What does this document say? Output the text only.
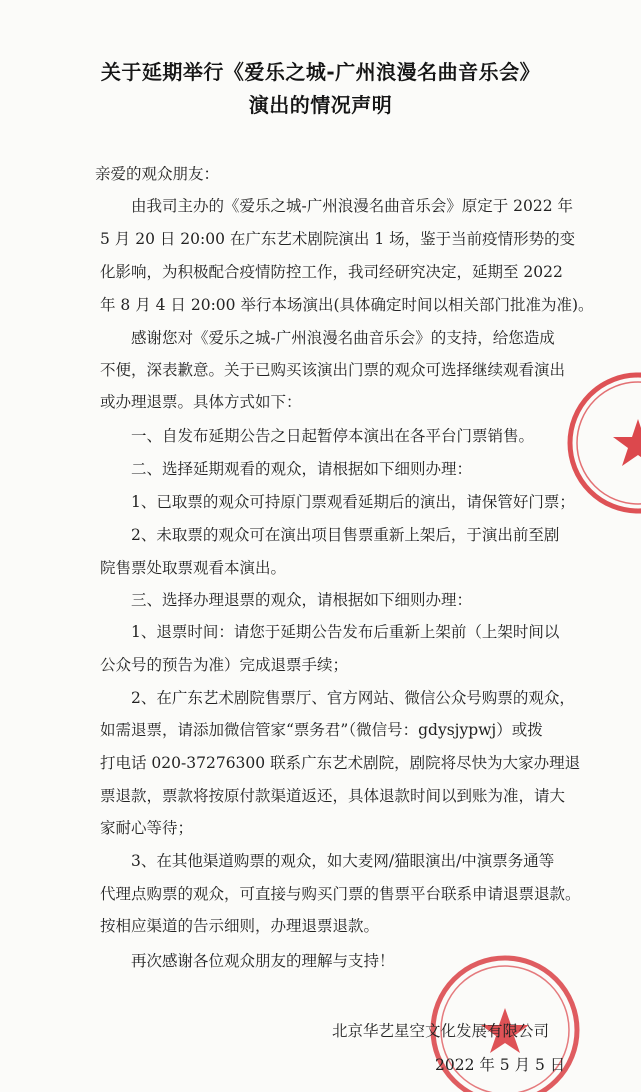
关于延期举行《爱乐之城-广州浪漫名曲音乐会》
演出的情况声明
亲爱的观众朋友：
由我司主办的《爱乐之城-广州浪漫名曲音乐会》原定于 2022 年
5 月 20 日 20:00 在广东艺术剧院演出 1 场，鉴于当前疫情形势的变
化影响，为积极配合疫情防控工作，我司经研究决定，延期至 2022
年 8 月 4 日 20:00 举行本场演出(具体确定时间以相关部门批准为准)。
感谢您对《爱乐之城-广州浪漫名曲音乐会》的支持，给您造成
不便，深表歉意。关于已购买该演出门票的观众可选择继续观看演出
或办理退票。具体方式如下：
一、自发布延期公告之日起暂停本演出在各平台门票销售。
二、选择延期观看的观众，请根据如下细则办理：
1、已取票的观众可持原门票观看延期后的演出，请保管好门票；
2、未取票的观众可在演出项目售票重新上架后，于演出前至剧
院售票处取票观看本演出。
三、选择办理退票的观众，请根据如下细则办理：
1、退票时间：请您于延期公告发布后重新上架前（上架时间以
公众号的预告为准）完成退票手续；
2、在广东艺术剧院售票厅、官方网站、微信公众号购票的观众，
如需退票，请添加微信管家“票务君”（微信号：gdysjypwj）或拨
打电话 020-37276300 联系广东艺术剧院，剧院将尽快为大家办理退
票退款，票款将按原付款渠道返还，具体退款时间以到账为准，请大
家耐心等待；
3、在其他渠道购票的观众，如大麦网/猫眼演出/中演票务通等
代理点购票的观众，可直接与购买门票的售票平台联系申请退票退款。
按相应渠道的告示细则，办理退票退款。
再次感谢各位观众朋友的理解与支持！
北京华艺星空文化发展有限公司
2022 年 5 月 5 日
